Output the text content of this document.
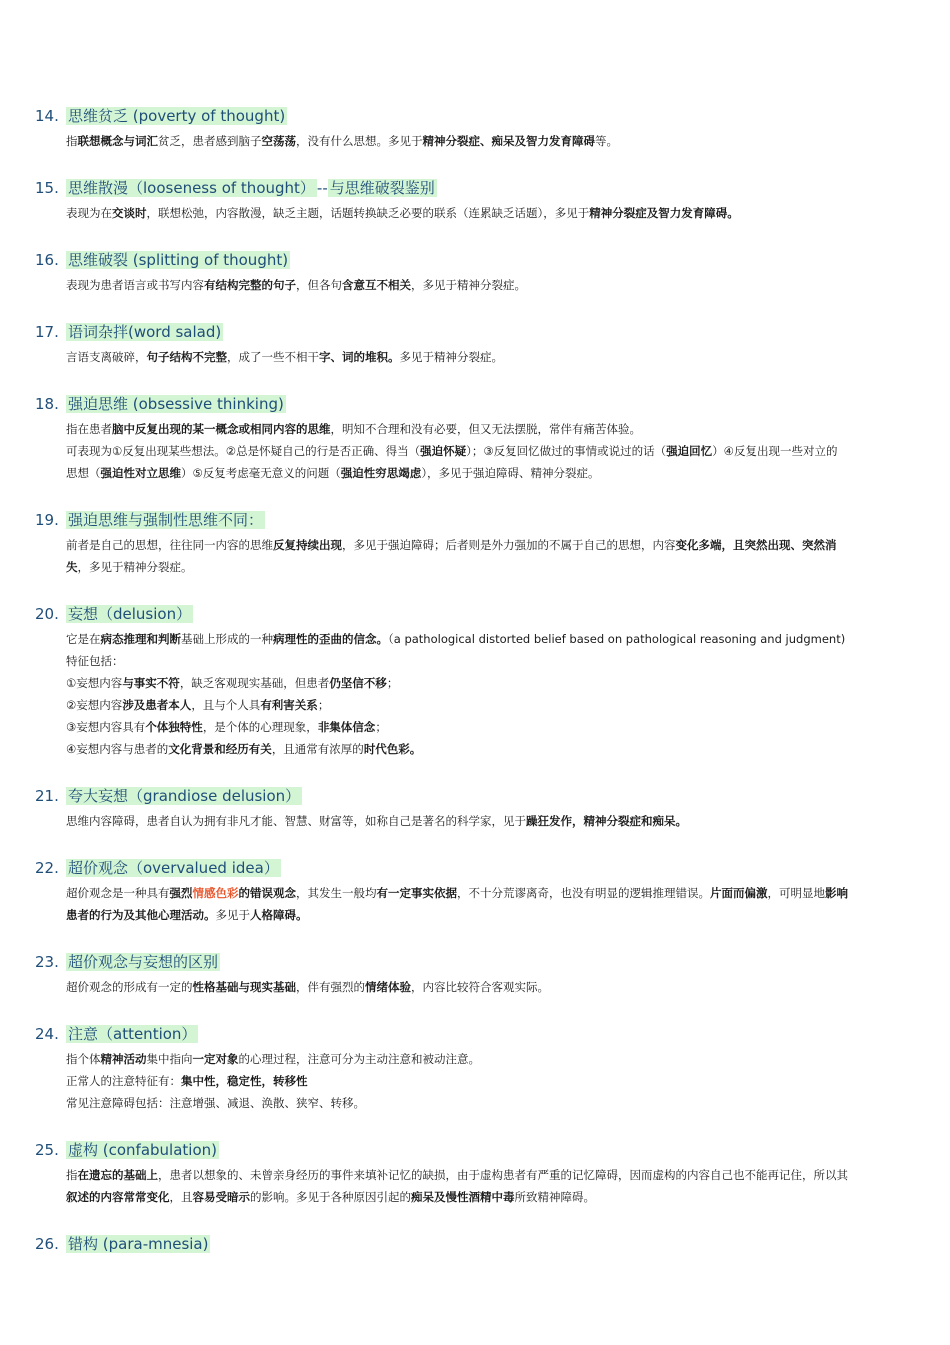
14. 思维贫乏 (poverty of thought)

指联想概念与词汇贫乏，患者感到脑子空荡荡，没有什么思想。多见于精神分裂症、痴呆及智力发育障碍等。

15. 思维散漫（looseness of thought） -- 与思维破裂鉴别

表现为在交谈时，联想松弛，内容散漫，缺乏主题，话题转换缺乏必要的联系（连累缺乏话题），多见于精神分裂症及智力发育障碍。

16. 思维破裂 (splitting of thought)

表现为患者语言或书写内容有结构完整的句子，但各句含意互不相关，多见于精神分裂症。

17. 语词杂拌(word salad)

言语支离破碎，句子结构不完整，成了一些不相干字、词的堆积。多见于精神分裂症。

18. 强迫思维 (obsessive thinking)

指在患者脑中反复出现的某一概念或相同内容的思维，明知不合理和没有必要，但又无法摆脱，常伴有痛苦体验。

可表现为①反复出现某些想法。②总是怀疑自己的行是否正确、得当（强迫怀疑）；③反复回忆做过的事情或说过的话（强迫回忆）④反复出现一些对立的

思想（强迫性对立思维）⑤反复考虑毫无意义的问题（强迫性穷思竭虑），多见于强迫障碍、精神分裂症。

19. 强迫思维与强制性思维不同：

前者是自己的思想，往往同一内容的思维反复持续出现，多见于强迫障碍；后者则是外力强加的不属于自己的思想，内容变化多端，且突然出现、突然消

失，多见于精神分裂症。

20. 妄想（delusion）

它是在病态推理和判断基础上形成的一种病理性的歪曲的信念。（a pathological distorted belief based on pathological reasoning and judgment)

特征包括：

①妄想内容与事实不符，缺乏客观现实基础，但患者仍坚信不移；

②妄想内容涉及患者本人，且与个人具有利害关系；

③妄想内容具有个体独特性，是个体的心理现象，非集体信念；

④妄想内容与患者的文化背景和经历有关，且通常有浓厚的时代色彩。

21. 夸大妄想（grandiose delusion）

思维内容障碍，患者自认为拥有非凡才能、智慧、财富等，如称自己是著名的科学家，见于躁狂发作，精神分裂症和痴呆。

22. 超价观念（overvalued idea）

超价观念是一种具有强烈情感色彩的错误观念，其发生一般均有一定事实依据，不十分荒谬离奇，也没有明显的逻辑推理错误。片面而偏激，可明显地影响

患者的行为及其他心理活动。多见于人格障碍。

23. 超价观念与妄想的区别

超价观念的形成有一定的性格基础与现实基础，伴有强烈的情绪体验，内容比较符合客观实际。

24. 注意（attention）

指个体精神活动集中指向一定对象的心理过程，注意可分为主动注意和被动注意。

正常人的注意特征有：集中性，稳定性，转移性

常见注意障碍包括：注意增强、减退、涣散、狭窄、转移。

25. 虚构 (confabulation)

指在遗忘的基础上，患者以想象的、未曾亲身经历的事件来填补记忆的缺损，由于虚构患者有严重的记忆障碍，因而虚构的内容自己也不能再记住，所以其

叙述的内容常常变化，且容易受暗示的影响。多见于各种原因引起的痴呆及慢性酒精中毒所致精神障碍。

26. 错构 (para-mnesia)
